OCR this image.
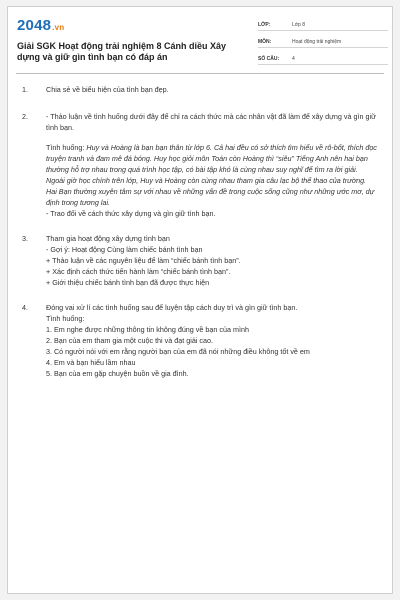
2048.vn
Giải SGK Hoạt động trải nghiệm 8 Cánh diều Xây dựng và giữ gìn tình bạn có đáp án
LỚP:	Lớp 8
MÔN:	Hoạt động trải nghiệm
SỐ CÂU:	4
1.	Chia sẻ về biểu hiện của tình bạn đẹp.

2.	- Thảo luận về tình huống dưới đây để chỉ ra cách thức mà các nhân vật đã làm để xây dựng và gìn giữ tình bạn.

Tình huống: Huy và Hoàng là bạn bạn thân từ lớp 6. Cả hai đều có sở thích tìm hiểu về rô-bốt, thích đọc truyện tranh và đam mê đá bóng. Huy học giỏi môn Toán còn Hoàng thì “siêu” Tiếng Anh nên hai bạn thường hỗ trợ nhau trong quá trình học tập, có bài tập khó là cùng nhau suy nghĩ để tìm ra lời giải. Ngoài giờ học chính trên lớp, Huy và Hoàng còn cùng nhau tham gia câu lạc bộ thể thao của trường. Hai Bạn thường xuyên tâm sự với nhau về những vấn đề trong cuộc sống cũng như những ước mơ, dự định trong tương lai.

- Trao đổi về cách thức xây dựng và gìn giữ tình bạn.

3.	Tham gia hoạt động xây dựng tình bạn

- Gợi ý: Hoạt động Cùng làm chiếc bánh tình bạn

+ Thảo luận về các nguyên liệu để làm “chiếc bánh tình bạn”.

+ Xác định cách thức tiến hành làm “chiếc bánh tình bạn”.

+ Giới thiệu chiếc bánh tình bạn đã được thực hiện

4.	Đóng vai xử lí các tình huống sau để luyện tập cách duy trì và gìn giữ tình bạn.

Tình huống:

1. Em nghe được những thông tin không đúng về bạn của mình

2. Bạn của em tham gia một cuộc thi và đạt giải cao.

3. Có người nói với em rằng người bạn của em đã nói những điều không tốt về em

4. Em và bạn hiểu lầm nhau

5. Bạn của em gặp chuyện buồn về gia đình.
